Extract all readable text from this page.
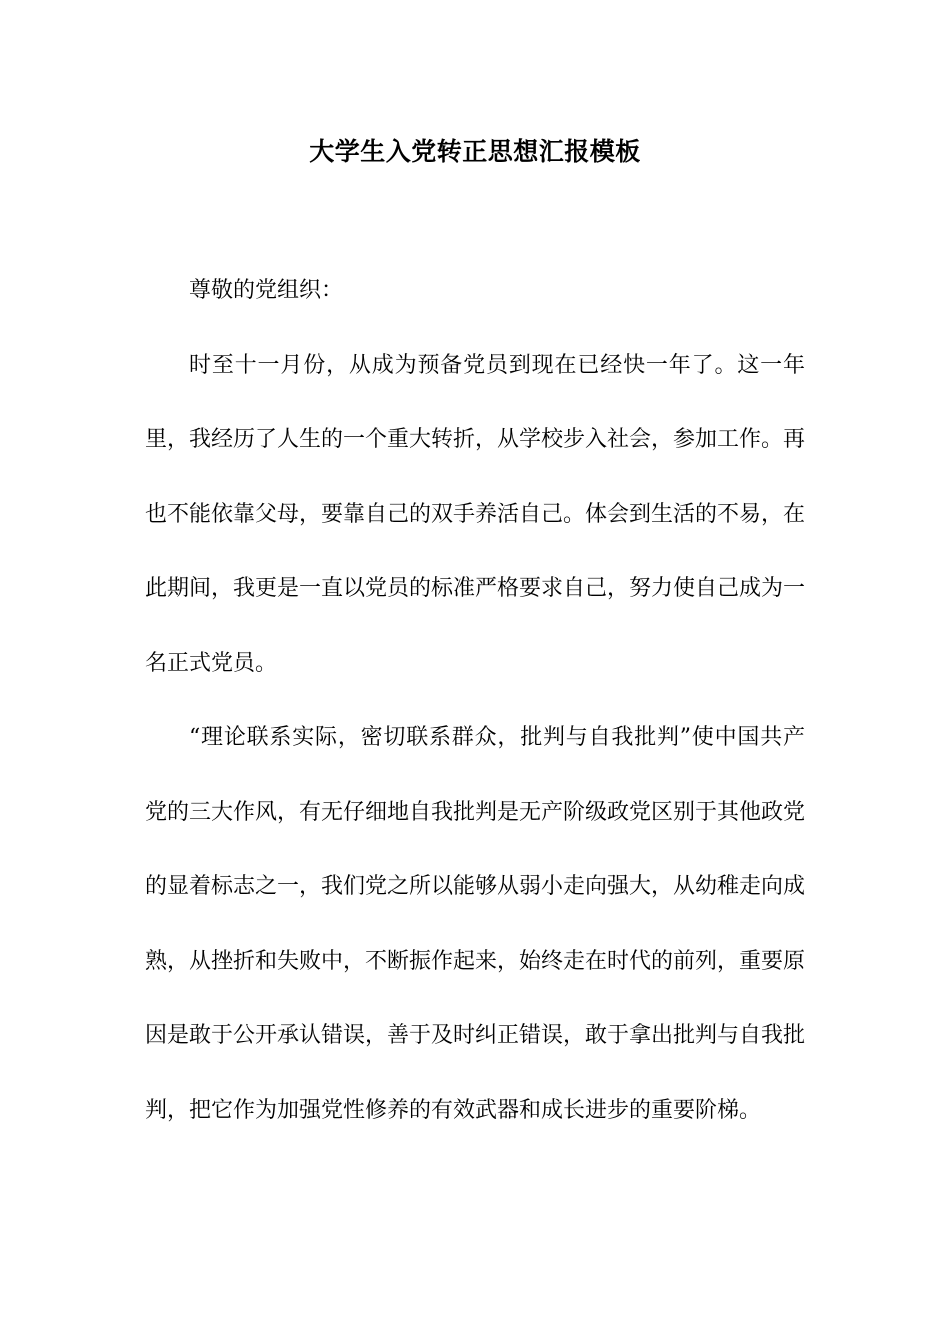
大学生入党转正思想汇报模板

尊敬的党组织：

时至十一月份，从成为预备党员到现在已经快一年了。这一年里，我经历了人生的一个重大转折，从学校步入社会，参加工作。再也不能依靠父母，要靠自己的双手养活自己。体会到生活的不易，在此期间，我更是一直以党员的标准严格要求自己，努力使自己成为一名正式党员。

“理论联系实际，密切联系群众，批判与自我批判”使中国共产党的三大作风，有无仔细地自我批判是无产阶级政党区别于其他政党的显着标志之一，我们党之所以能够从弱小走向强大，从幼稚走向成熟，从挫折和失败中，不断振作起来，始终走在时代的前列，重要原因是敢于公开承认错误，善于及时纠正错误，敢于拿出批判与自我批判，把它作为加强党性修养的有效武器和成长进步的重要阶梯。
